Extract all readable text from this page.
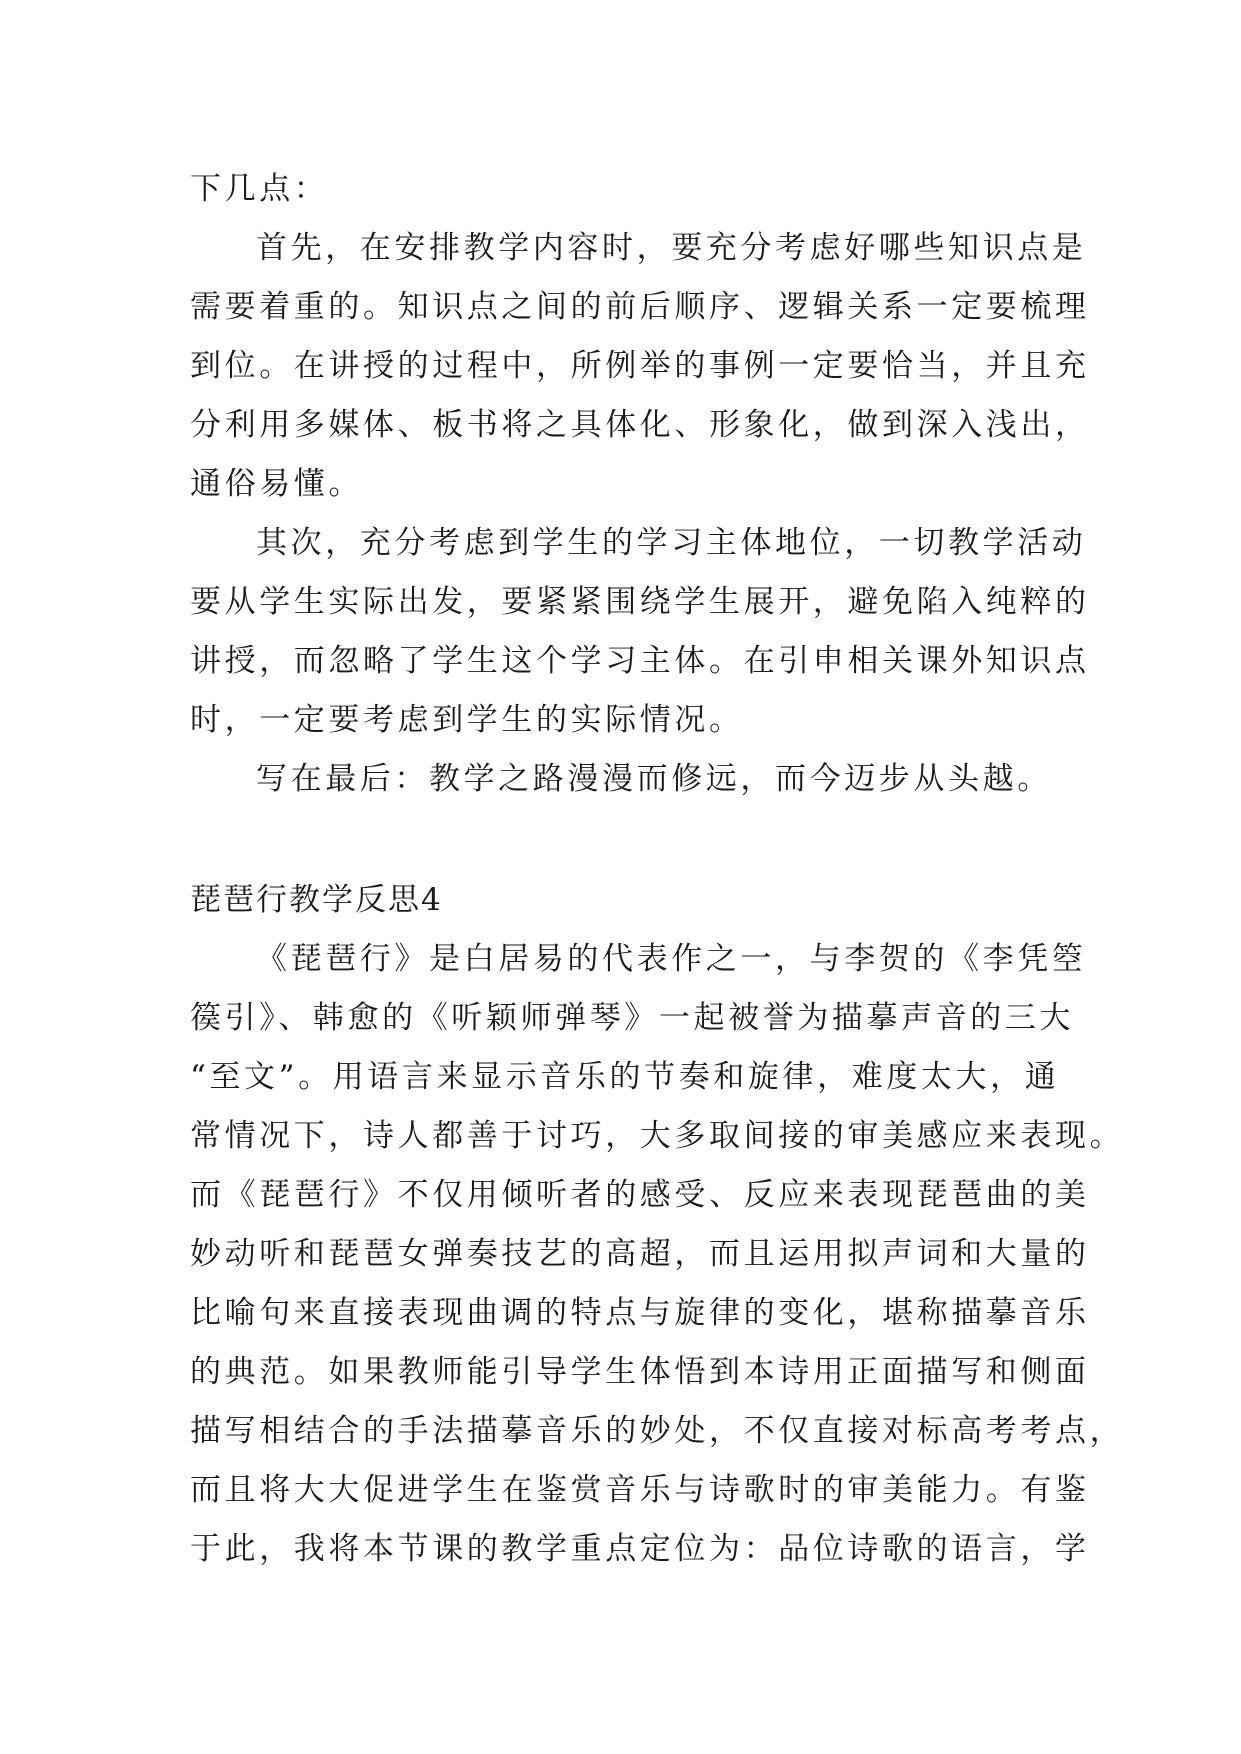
下几点：
首先，在安排教学内容时，要充分考虑好哪些知识点是
需要着重的。知识点之间的前后顺序、逻辑关系一定要梳理
到位。在讲授的过程中，所例举的事例一定要恰当，并且充
分利用多媒体、板书将之具体化、形象化，做到深入浅出，
通俗易懂。
其次，充分考虑到学生的学习主体地位，一切教学活动
要从学生实际出发，要紧紧围绕学生展开，避免陷入纯粹的
讲授，而忽略了学生这个学习主体。在引申相关课外知识点
时，一定要考虑到学生的实际情况。
写在最后：教学之路漫漫而修远，而今迈步从头越。
琵琶行教学反思4
《琵琶行》是白居易的代表作之一，与李贺的《李凭箜
篌引》、韩愈的《听颖师弹琴》一起被誉为描摹声音的三大
“至文”。用语言来显示音乐的节奏和旋律，难度太大，通
常情况下，诗人都善于讨巧，大多取间接的审美感应来表现。
而《琵琶行》不仅用倾听者的感受、反应来表现琵琶曲的美
妙动听和琵琶女弹奏技艺的高超，而且运用拟声词和大量的
比喻句来直接表现曲调的特点与旋律的变化，堪称描摹音乐
的典范。如果教师能引导学生体悟到本诗用正面描写和侧面
描写相结合的手法描摹音乐的妙处，不仅直接对标高考考点，
而且将大大促进学生在鉴赏音乐与诗歌时的审美能力。有鉴
于此，我将本节课的教学重点定位为：品位诗歌的语言，学
